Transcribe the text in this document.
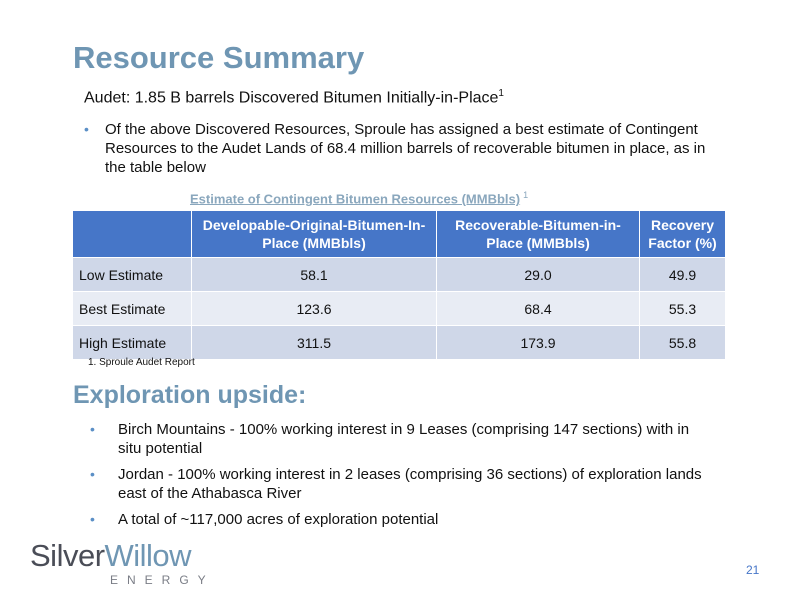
Resource Summary
Audet: 1.85 B barrels Discovered Bitumen Initially-in-Place$^1$
•	Of the above Discovered Resources, Sproule has assigned a best estimate of Contingent Resources to the Audet Lands of 68.4 million barrels of recoverable bitumen in place, as in the table below
Estimate of Contingent Bitumen Resources (MMBbls) $^1$
	Developable-Original-Bitumen-In-Place (MMBbls)	Recoverable-Bitumen-in-Place (MMBbls)	Recovery Factor (%)
Low Estimate	58.1	29.0	49.9
Best Estimate	123.6	68.4	55.3
High Estimate	311.5	173.9	55.8
1. Sproule Audet Report
Exploration upside:
•	Birch Mountains - 100% working interest in 9 Leases (comprising 147 sections) with in situ potential
•	Jordan - 100% working interest in 2 leases (comprising 36 sections) of exploration lands east of the Athabasca River
•	A total of ~117,000 acres of exploration potential
SilverWillow
ENERGY
21
